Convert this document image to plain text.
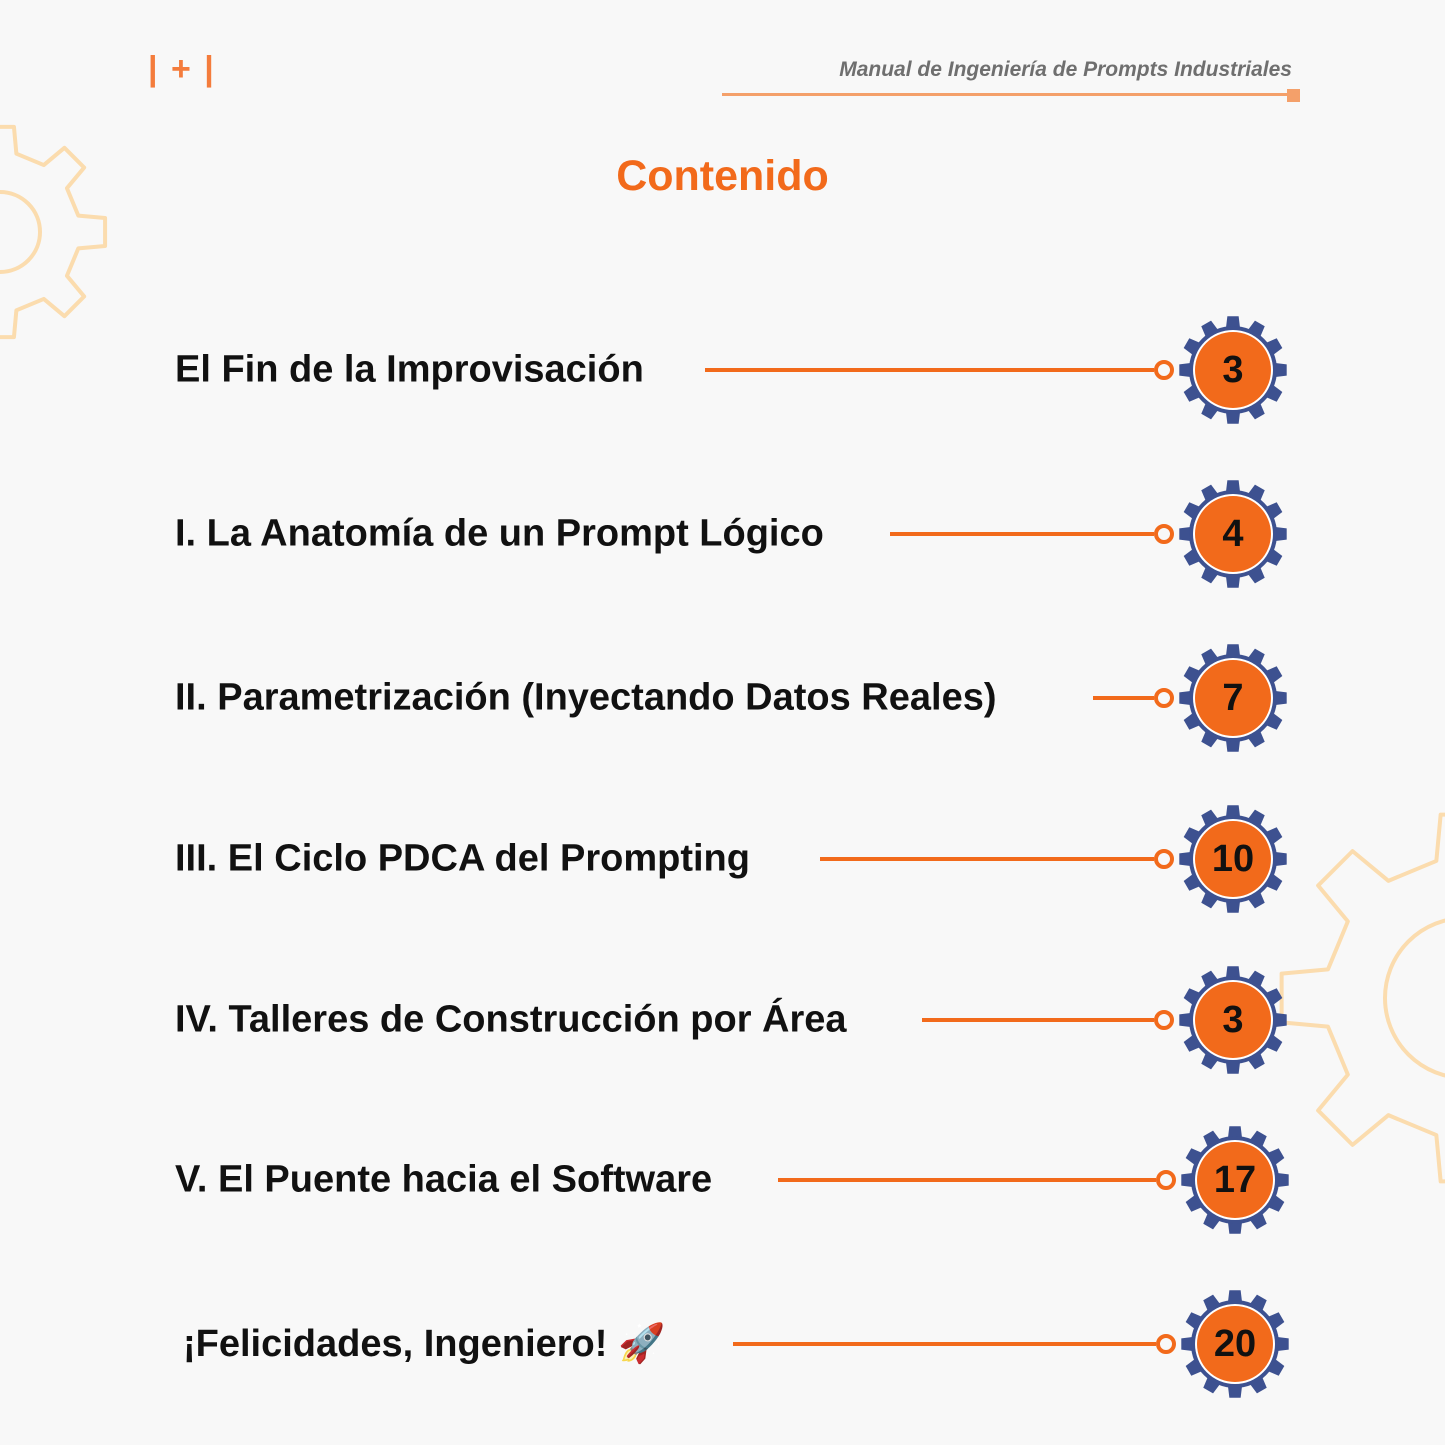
| + |	Manual de Ingeniería de Prompts Industriales
Contenido
El Fin de la Improvisación	3
I. La Anatomía de un Prompt Lógico	4
II. Parametrización (Inyectando Datos Reales)	7
III. El Ciclo PDCA del Prompting	10
IV. Talleres de Construcción por Área	3
V. El Puente hacia el Software	17
¡Felicidades, Ingeniero! 🚀	20
